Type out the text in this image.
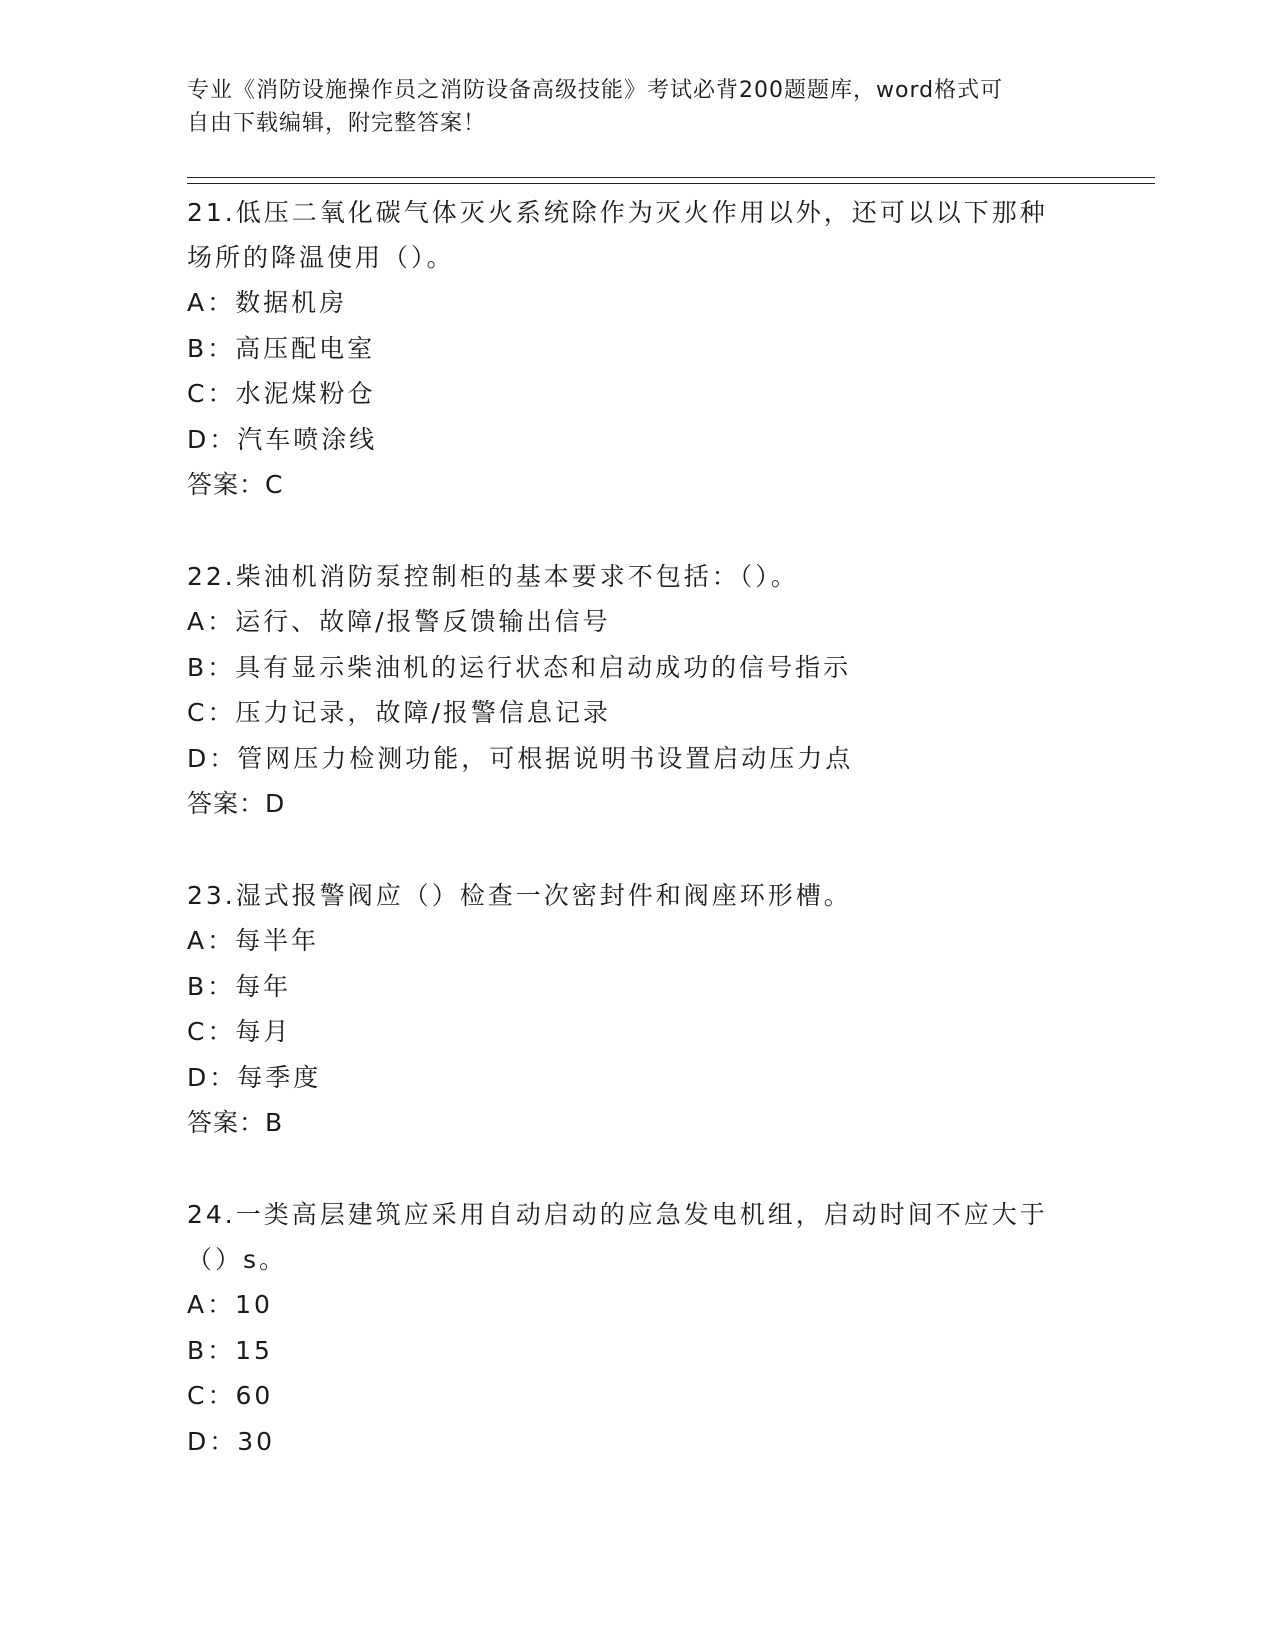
专业《消防设施操作员之消防设备高级技能》考试必背200题题库，word格式可
自由下载编辑，附完整答案！
21.低压二氧化碳气体灭火系统除作为灭火作用以外，还可以以下那种
场所的降温使用（）。
A：数据机房
B：高压配电室
C：水泥煤粉仓
D：汽车喷涂线
答案：C
22.柴油机消防泵控制柜的基本要求不包括：（）。
A：运行、故障/报警反馈输出信号
B：具有显示柴油机的运行状态和启动成功的信号指示
C：压力记录，故障/报警信息记录
D：管网压力检测功能，可根据说明书设置启动压力点
答案：D
23.湿式报警阀应（）检查一次密封件和阀座环形槽。
A：每半年
B：每年
C：每月
D：每季度
答案：B
24.一类高层建筑应采用自动启动的应急发电机组，启动时间不应大于
（）s。
A：10
B：15
C：60
D：30
